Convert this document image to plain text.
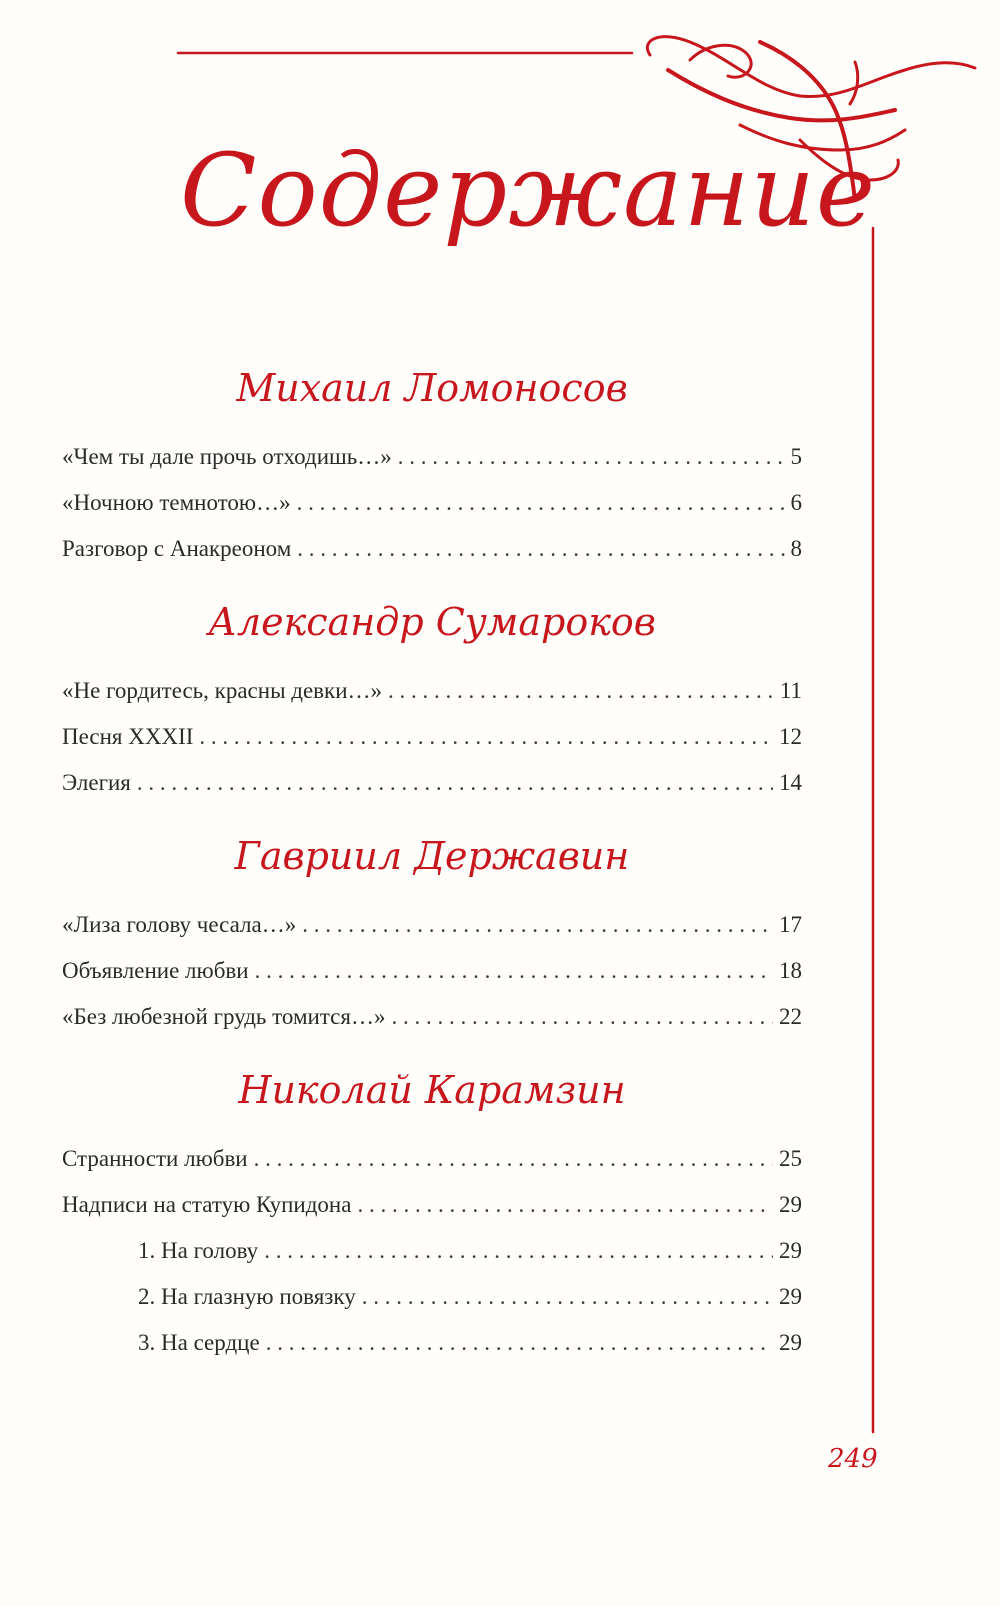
Содержание
Михаил Ломоносов
«Чем ты дале прочь отходишь…» . . .	5
«Ночною темнотою…» . . .	6
Разговор с Анакреоном . . .	8
Александр Сумароков
«Не гордитесь, красны девки…» . . .	11
Песня XXXII . . .	12
Элегия . . .	14
Гавриил Державин
«Лиза голову чесала…» . . .	17
Объявление любви . . .	18
«Без любезной грудь томится…» . . .	22
Николай Карамзин
Странности любви . . .	25
Надписи на статую Купидона . . .	29
1. На голову . . .	29
2. На глазную повязку . . .	29
3. На сердце . . .	29
249
